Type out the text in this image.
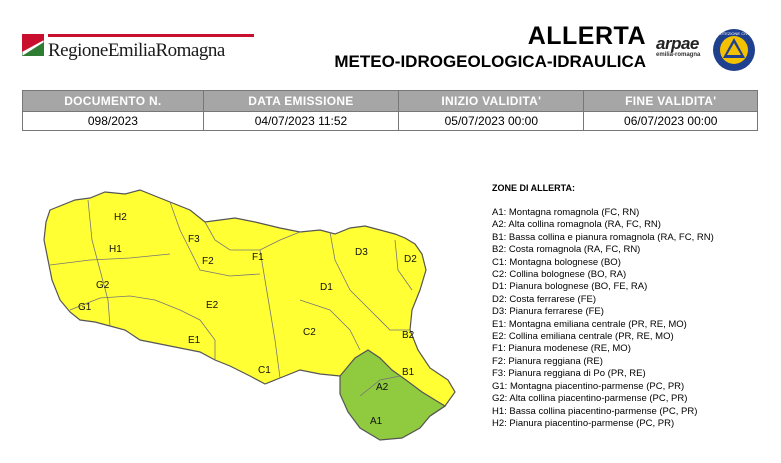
RegioneEmiliaRomagna
ALLERTA
METEO-IDROGEOLOGICA-IDRAULICA
arpae
emilia-romagna
PROTEZIONE CIVILE
DOCUMENTO N.	DATA EMISSIONE	INIZIO VALIDITA'	FINE VALIDITA'
098/2023	04/07/2023 11:52	05/07/2023 00:00	06/07/2023 00:00
H2
H1
G2
G1
F3
F2	F1
E2
E1
D3
D2
D1
C2
C1
B2
B1
A2
A1
ZONE DI ALLERTA:
A1: Montagna romagnola (FC, RN)
A2: Alta collina romagnola (RA, FC, RN)
B1: Bassa collina e pianura romagnola (RA, FC, RN)
B2: Costa romagnola (RA, FC, RN)
C1: Montagna bolognese (BO)
C2: Collina bolognese (BO, RA)
D1: Pianura bolognese (BO, FE, RA)
D2: Costa ferrarese (FE)
D3: Pianura ferrarese (FE)
E1: Montagna emiliana centrale (PR, RE, MO)
E2: Collina emiliana centrale (PR, RE, MO)
F1: Pianura modenese (RE, MO)
F2: Pianura reggiana (RE)
F3: Pianura reggiana di Po (PR, RE)
G1: Montagna piacentino-parmense (PC, PR)
G2: Alta collina piacentino-parmense (PC, PR)
H1: Bassa collina piacentino-parmense (PC, PR)
H2: Pianura piacentino-parmense (PC, PR)
